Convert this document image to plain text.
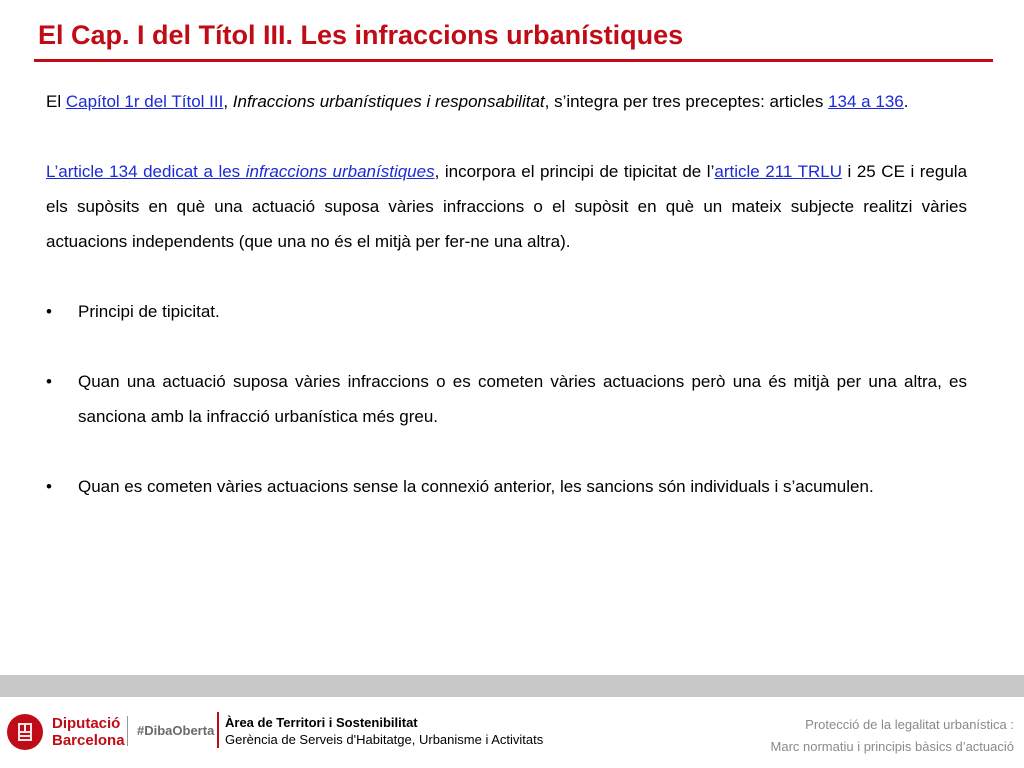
El Cap. I del Títol III. Les infraccions urbanístiques

El Capítol 1r del Títol III, Infraccions urbanístiques i responsabilitat, s’integra per tres preceptes: articles 134 a 136.

L’article 134 dedicat a les infraccions urbanístiques, incorpora el principi de tipicitat de l’article 211 TRLU i 25 CE i regula els supòsits en què una actuació suposa vàries infraccions o el supòsit en què un mateix subjecte realitzi vàries actuacions independents (que una no és el mitjà per fer-ne una altra).

• Principi de tipicitat.
• Quan una actuació suposa vàries infraccions o es cometen vàries actuacions però una és mitjà per una altra, es sanciona amb la infracció urbanística més greu.
• Quan es cometen vàries actuacions sense la connexió anterior, les sancions són individuals i s’acumulen.
Diputació
Barcelona
#DibaOberta
Àrea de Territori i Sostenibilitat
Gerència de Serveis d'Habitatge, Urbanisme i Activitats
Protecció de la legalitat urbanística :
Marc normatiu i principis bàsics d’actuació
